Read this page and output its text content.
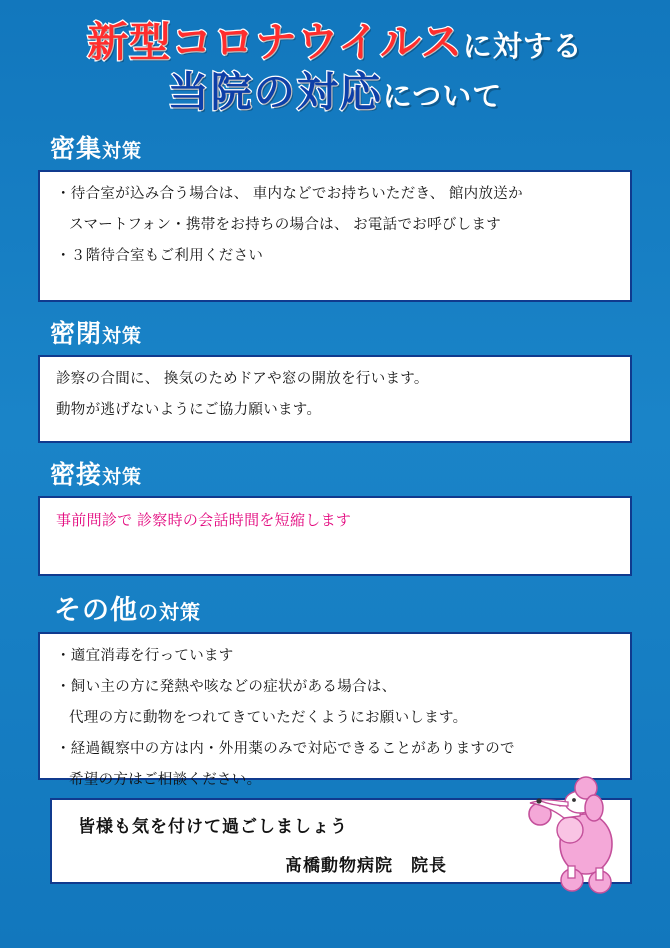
新型コロナウイルスに対する
当院の対応について
密集対策

・待合室が込み合う場合は、 車内などでお持ちいただき、 館内放送か

スマートフォン・携帯をお持ちの場合は、 お電話でお呼びします

・３階待合室もご利用ください

密閉対策

診察の合間に、 換気のためドアや窓の開放を行います。

動物が逃げないようにご協力願います。

密接対策

事前問診で 診察時の会話時間を短縮します

その他の対策

・適宜消毒を行っています

・飼い主の方に発熱や咳などの症状がある場合は、

代理の方に動物をつれてきていただくようにお願いします。

・経過観察中の方は内・外用薬のみで対応できることがありますので

希望の方はご相談ください。

皆様も気を付けて過ごしましょう

髙橋動物病院　院長
